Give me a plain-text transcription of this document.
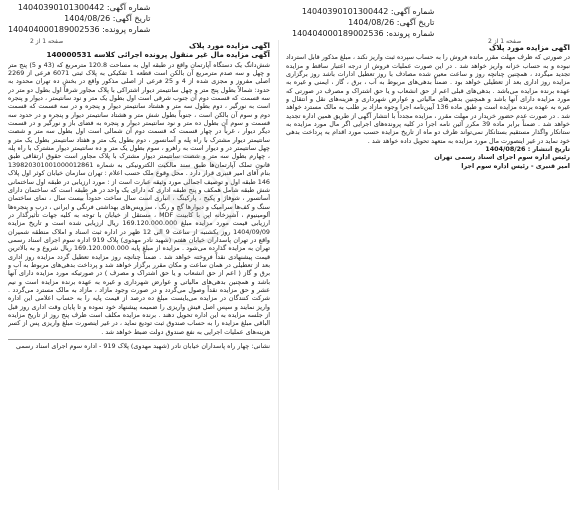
شماره آگهی: 14040390101300442
تاریخ آگهی: 1404/08/26
شماره پرونده: 140404000189002536
شماره آگهی: 14040390101300442
تاریخ آگهی: 1404/08/26
شماره پرونده: 140404000189002536
صفحه 1 از 2	صفحه 1 از 2
آگهی مزایده مورد پلاک
آگهی مزایده مال غیر منقول پرونده اجرائی کلاسه 140000531
شش‌دانگ یک دستگاه آپارتمان واقع در طبقه اول به مساحت 120.8 مترمربع که (43 و 5) پنج متر و چهل و سه صدم مترمربع آن بالکن است قطعه 1 تفکیکی به پلاک ثبتی 6071 فرعی از 2269 اصلی مفروز و مجزی شده از 4 و 25 فرعی از اصلی مذکور واقع در بخش ده تهران محدود به حدود: شمالاً بطول پنج متر و چهل سانتیمتر دیوار اشتراکی با پلاک مجاور شرقاً اول بطول دو متر در سه قسمت که قسمت دوم آن جنوب شرقی است اول بطول یک متر و نود سانتیمتر ، دیوار و پنجره است به نورگیر ، دوم بطول سه متر و هشتاد سانتیمتر دیوار و پنجره و در سه قسمت که قسمت دوم و سوم آن بالکن است ، جنوباً بطول شش متر و هشتاد سانتیمتر دیوار و پنجره و در حدود سه قسمت و سوم آن بطول ده متر و نود سانتیمتر دیوار و پنجره به فضای باز و نورگیر و در قسمت دیگر دیوار ، غرباً در چهار قسمت که قسمت دوم آن شمالی است اول بطول سه متر و شصت سانتیمتر دیوار مشترک با راه پله و آسانسور ، دوم بطول یک متر و هفتاد سانتیمتر بطول یک متر و چهل سانتیمتر در و دیوار است به راهرو ، سوم بطول یک متر و ده سانتیمتر دیوار مشترک با راه پله ، چهارم بطول سه متر و شصت سانتیمتر دیوار مشترک با پلاک مجاور است حقوق ارتفاقی طبق قانون تملک آپارتمان‌ها طبق سند مالکیت الکترونیکی به شماره 139820301001000012861 بنام آقای امیر قنبری قرار دارد . محل وقوع ملک حسب اعلام : تهران سازمان خیابان کوثر اول پلاک 146 طبقه اول و توصیف اجمالی مورد وثیقه عبارت است از : مورد ارزیابی در طبقه اول ساختمانی شش طبقه شامل همکف و پنج طبقه اداری که دارای یک واحد در هر طبقه است که ساختمان دارای آسانسور ، شوفاژ و پکیج ، پارکینگ ، انباری است سال ساخت حدوداً بیست سال ، نمای ساختمان سنگ و کف‌ها سرامیک و دیوارها گچ و رنگ ، سرویس‌های بهداشتی فرنگی و ایرانی ، درب و پنجره‌ها آلومینیوم ، آشپزخانه اپن با کابینت MDF ، مستقل از خیابان با توجه به کلیه جهات تأثیرگذار در ارزیابی قیمت مورد مزایده مبلغ 169.120.000.000 ریال ارزیابی شده است و تاریخ مزایده 1404/09/09 روز یکشنبه از ساعت 9 الی 12 ظهر در اداره ثبت اسناد و املاک منطقه شمیران واقع در تهران پاسداران خیابان هفتم (شهید نادر مهدوی) پلاک 919 اداره سوم اجرای اسناد رسمی تهران به مزایده گذارده می‌شود . مزایده از مبلغ پایه 169.120.000.000 ریال شروع و به بالاترین قیمت پیشنهادی نقداً فروخته خواهد شد . ضمناً چنانچه روز مزایده تعطیل گردد مزایده روز اداری بعد از تعطیلی در همان ساعت و مکان مقرر برگزار خواهد شد و پرداخت بدهی‌های مربوط به آب و برق و گاز ( اعم از حق انشعاب و یا حق اشتراک و مصرف ) در صورتیکه مورد مزایده دارای آنها باشد و همچنین بدهی‌های مالیاتی و عوارض شهرداری و غیره به عهده برنده مزایده است و نیم عشر و حق مزایده نقداً وصول می‌گردد و در صورت وجود مازاد ، مازاد به مالک مسترد می‌گردد . شرکت کنندگان در مزایده می‌بایست مبلغ ده درصد از قیمت پایه را به حساب اعلامی این اداره واریز نمایند و سپس اصل فیش واریزی را ضمیمه پیشنهاد خود نموده و تا پایان وقت اداری روز قبل از جلسه مزایده به این اداره تحویل دهند . برنده مزایده مکلف است ظرف پنج روز از تاریخ مزایده الباقی مبلغ مزایده را به حساب صندوق ثبت تودیع نماید ، در غیر اینصورت مبلغ واریزی پس از کسر هزینه‌های عملیات اجرایی به نفع صندوق دولت ضبط خواهد شد .
نشانی: چهار راه پاسداران خیابان نادر (شهید مهدوی) پلاک 919 - اداره سوم اجرای اسناد رسمی
آگهی مزایده مورد پلاک
در صورتی که ظرف مهلت مقرر مانده فروش را به حساب سپرده ثبت واریز نکند ، مبلغ مذکور قابل استرداد نبوده و به حساب خزانه واریز خواهد شد . در این صورت عملیات فروش از درجه اعتبار ساقط و مزایده تجدید میگردد ، همچنین چنانچه روز و ساعت معین شده مصادف با روز تعطیل ادارات باشد روز برگزاری مزایده روز اداری بعد از تعطیلی خواهد بود . ضمناً بدهی‌های مربوط به آب ، برق ، گاز ، ایمنی و غیره به عهده برنده مزایده می‌باشد . بدهی‌های قبلی اعم از حق انشعاب و یا حق اشتراک و مصرف در صورتی که مورد مزایده دارای آنها باشد و همچنین بدهی‌های مالیاتی و عوارض شهرداری و هزینه‌های نقل و انتقال و غیره به عهده برنده مزایده است و طبق ماده 136 آیین‌نامه اجرا وجوه مازاد بر طلب به مالک مسترد خواهد شد . در صورت عدم حضور خریدار در مهلت مقرر ، مزایده مجدداً با انتشار آگهی از طریق همین اداره تجدید خواهد شد . ضمناً برابر ماده 39 مکرر آئین نامه اجرا در کلیه پرونده‌های اجرایی اگر مال مورد مزایده به ستانکار واگذار مستقیم بستانکار نمی‌تواند ظرف دو ماه از تاریخ مزایده حسب مورد اقدام به پرداخت بدهی خود نماید در غیر اینصورت مال مورد مزایده به متعهد تحویل داده خواهد شد .
تاریخ انتشار : 1404/08/26
رئیس اداره سوم اجرای اسناد رسمی تهران
امیر قنبری - رئیس اداره سوم اجرا
